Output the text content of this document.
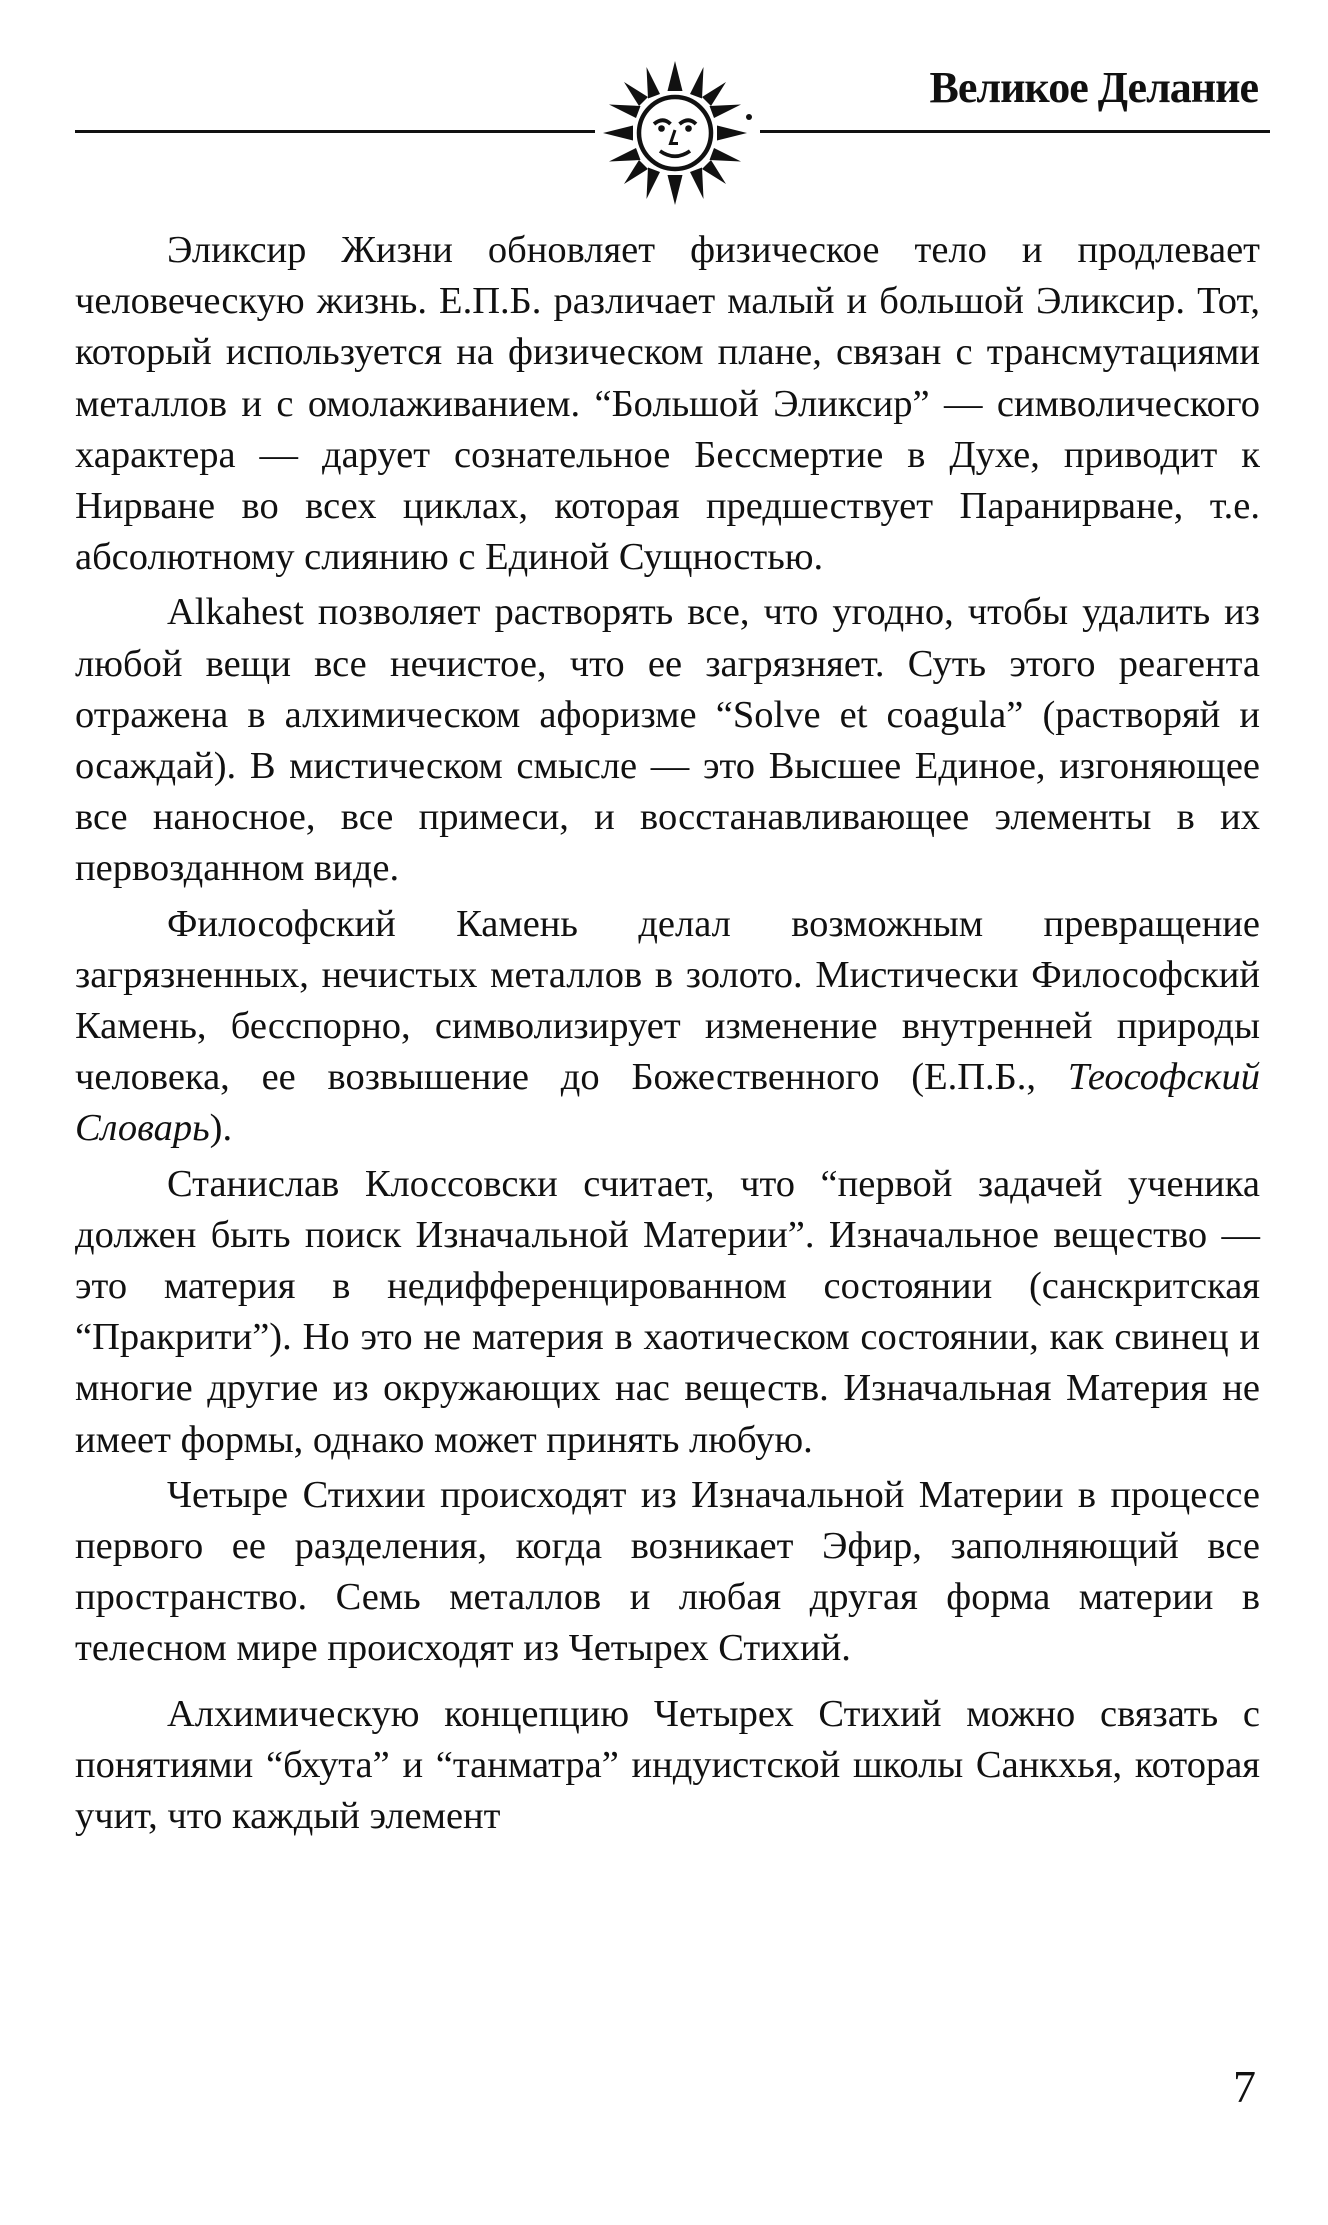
Великое Делание

Эликсир Жизни обновляет физическое тело и продлевает человеческую жизнь. Е.П.Б. различает малый и большой Эликсир. Тот, который используется на физическом плане, связан с трансмутациями металлов и с омолаживанием. “Большой Эликсир” — символического характера — дарует сознательное Бессмертие в Духе, приводит к Нирване во всех циклах, которая предшествует Паранирване, т.е. абсолютному слиянию с Единой Сущностью.

Alkahest позволяет растворять все, что угодно, чтобы удалить из любой вещи все нечистое, что ее загрязняет. Суть этого реагента отражена в алхимическом афоризме “Solve et coagula” (растворяй и осаждай). В мистическом смысле — это Высшее Единое, изгоняющее все наносное, все примеси, и восстанавливающее элементы в их первозданном виде.

Философский Камень делал возможным превращение загрязненных, нечистых металлов в золото. Мистически Философский Камень, бесспорно, символизирует изменение внутренней природы человека, ее возвышение до Божественного (Е.П.Б., Теософский Словарь).

Станислав Клоссовски считает, что “первой задачей ученика должен быть поиск Изначальной Материи”. Изначальное вещество — это материя в недифференцированном состоянии (санскритская “Пракрити”). Но это не материя в хаотическом состоянии, как свинец и многие другие из окружающих нас веществ. Изначальная Материя не имеет формы, однако может принять любую.

Четыре Стихии происходят из Изначальной Материи в процессе первого ее разделения, когда возникает Эфир, заполняющий все пространство. Семь металлов и любая другая форма материи в телесном мире происходят из Четырех Стихий.

Алхимическую концепцию Четырех Стихий можно связать с понятиями “бхута” и “танматра” индуистской школы Санкхья, которая учит, что каждый элемент

7
